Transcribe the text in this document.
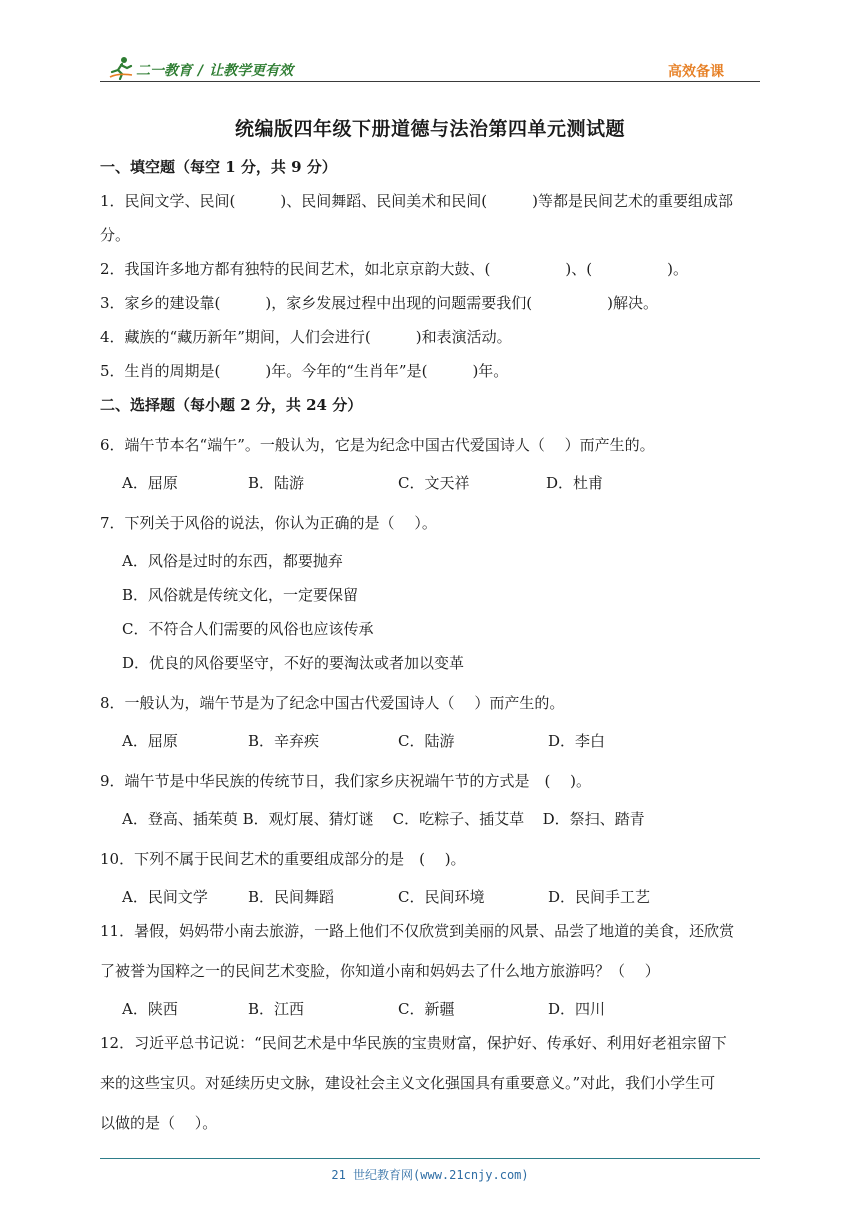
二一教育 / 让教学更有效	高效备课
统编版四年级下册道德与法治第四单元测试题

一、填空题（每空 1 分，共 9 分）

1．民间文学、民间(　　　)、民间舞蹈、民间美术和民间(　　　)等都是民间艺术的重要组成部

分。

2．我国许多地方都有独特的民间艺术，如北京京韵大鼓、(　　　　　)、(　　　　　)。

3．家乡的建设靠(　　　)，家乡发展过程中出现的问题需要我们(　　　　　)解决。

4．藏族的“藏历新年”期间，人们会进行(　　　)和表演活动。

5．生肖的周期是(　　　)年。今年的“生肖年”是(　　　)年。

二、选择题（每小题 2 分，共 24 分）

6．端午节本名“端午”。一般认为，它是为纪念中国古代爱国诗人（　 ）而产生的。

A．屈原	B．陆游	C．文天祥	D．杜甫

7．下列关于风俗的说法，你认为正确的是（　 ）。

A．风俗是过时的东西，都要抛弃
B．风俗就是传统文化，一定要保留
C．不符合人们需要的风俗也应该传承
D．优良的风俗要坚守，不好的要淘汰或者加以变革

8．一般认为，端午节是为了纪念中国古代爱国诗人（　 ）而产生的。

A．屈原	B．辛弃疾	C．陆游	D．李白

9．端午节是中华民族的传统节日，我们家乡庆祝端午节的方式是　(　 )。

A．登高、插茱萸 B．观灯展、猜灯谜 C．吃粽子、插艾草 D．祭扫、踏青

10．下列不属于民间艺术的重要组成部分的是　(　 )。

A．民间文学	B．民间舞蹈	C．民间环境	D．民间手工艺

11．暑假，妈妈带小南去旅游，一路上他们不仅欣赏到美丽的风景、品尝了地道的美食，还欣赏

了被誉为国粹之一的民间艺术变脸，你知道小南和妈妈去了什么地方旅游吗？（　 ）

A．陕西	B．江西	C．新疆	D．四川

12．习近平总书记说：“民间艺术是中华民族的宝贵财富，保护好、传承好、利用好老祖宗留下

来的这些宝贝。对延续历史文脉，建设社会主义文化强国具有重要意义。”对此，我们小学生可

以做的是（　 ）。

21 世纪教育网(www.21cnjy.com)
